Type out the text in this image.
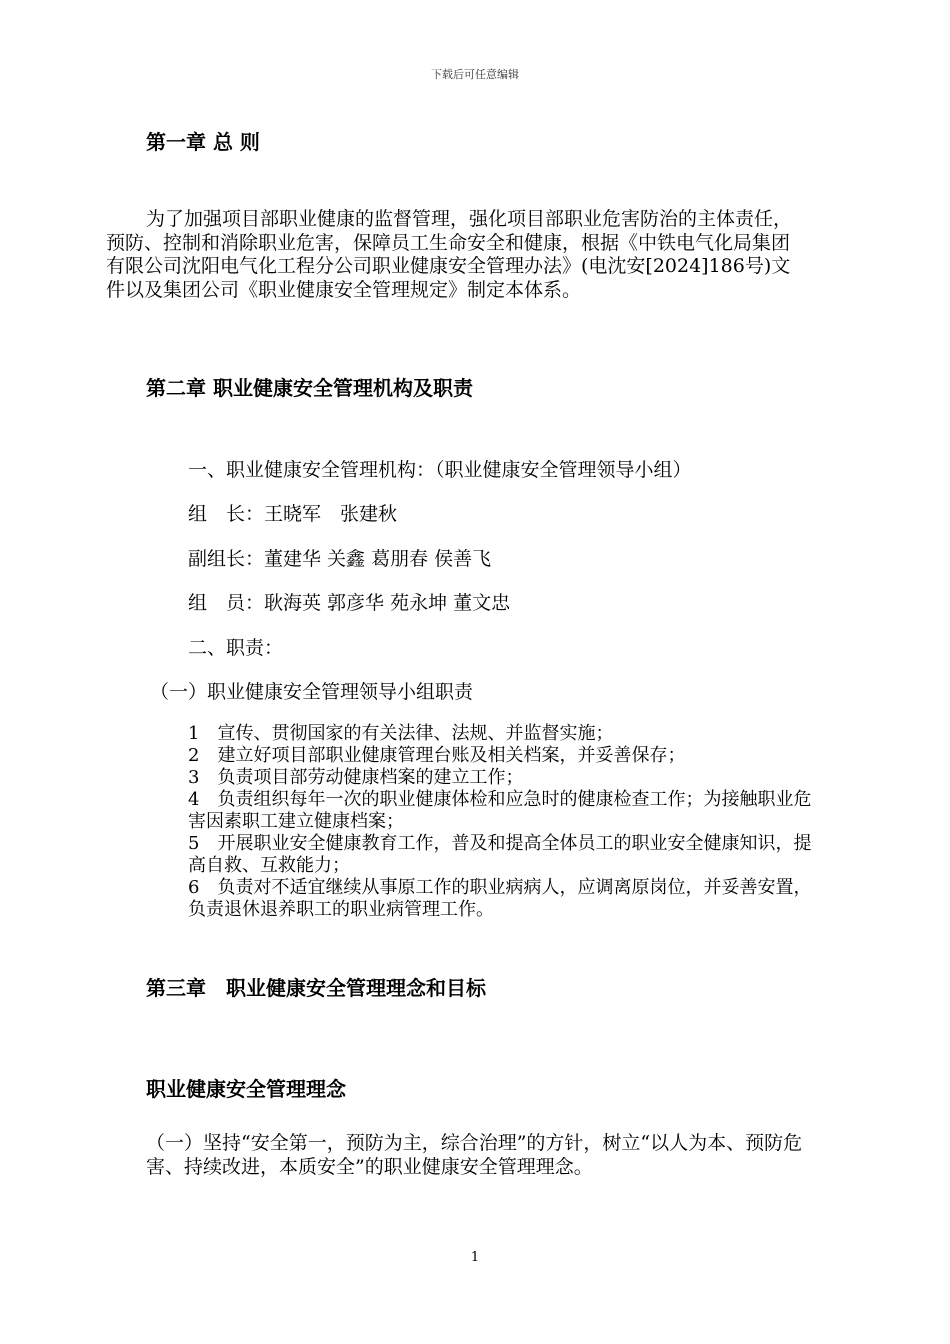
下载后可任意编辑
第一章 总 则
为了加强项目部职业健康的监督管理，强化项目部职业危害防治的主体责任，预防、控制和消除职业危害，保障员工生命安全和健康，根据《中铁电气化局集团有限公司沈阳电气化工程分公司职业健康安全管理办法》(电沈安[2024]186号)文件以及集团公司《职业健康安全管理规定》制定本体系。
第二章 职业健康安全管理机构及职责
一、职业健康安全管理机构：（职业健康安全管理领导小组）
组　长：王晓军　张建秋
副组长：董建华 关鑫 葛朋春 侯善飞
组　员：耿海英 郭彦华 苑永坤 董文忠
二、职责：
（一）职业健康安全管理领导小组职责
1　宣传、贯彻国家的有关法律、法规、并监督实施；
2　建立好项目部职业健康管理台账及相关档案，并妥善保存；
3　负责项目部劳动健康档案的建立工作；
4　负责组织每年一次的职业健康体检和应急时的健康检查工作；为接触职业危害因素职工建立健康档案；
5　开展职业安全健康教育工作，普及和提高全体员工的职业安全健康知识，提高自救、互救能力；
6　负责对不适宜继续从事原工作的职业病病人，应调离原岗位，并妥善安置，负责退休退养职工的职业病管理工作。
第三章　职业健康安全管理理念和目标
职业健康安全管理理念
（一）坚持“安全第一，预防为主，综合治理”的方针，树立“以人为本、预防危害、持续改进，本质安全”的职业健康安全管理理念。
1
